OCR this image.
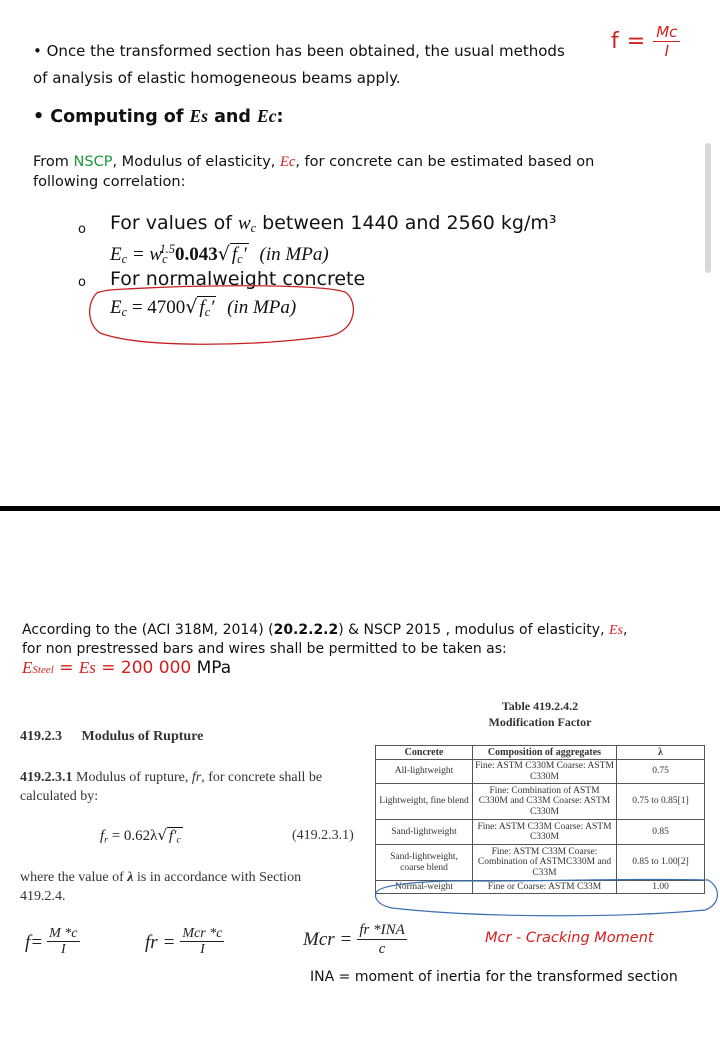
• Once the transformed section has been obtained, the usual methods
of analysis of elastic homogeneous beams apply.
$f = \frac{Mc}{I}$
• Computing of Es and Ec:
From NSCP, Modulus of elasticity, Ec, for concrete can be estimated based on
following correlation:
o For values of $w_c$ between 1440 and 2560 kg/m³
$E_c = w_c^{1.5}0.043√$ $f_c'$ (in MPa)
o For normalweight concrete
$E_c = 4700√$ $f_c'$ (in MPa)
According to the (ACI 318M, 2014) (20.2.2.2) & NSCP 2015 , modulus of elasticity, Es,
for non prestressed bars and wires shall be permitted to be taken as:
ESteel = Es = 200 000 MPa
419.2.3 Modulus of Rupture
419.2.3.1 Modulus of rupture, fr, for concrete shall be
calculated by:
$f_r = 0.62\lambda√$ $f'_c$	(419.2.3.1)
where the value of λ is in accordance with Section
419.2.4.
Table 419.2.4.2
Modification Factor
Concrete	Composition of aggregates	λ
All-lightweight	Fine: ASTM C330M Coarse: ASTM C330M	0.75
Lightweight, fine blend	Fine: Combination of ASTM C330M and C33M Coarse: ASTM C330M	0.75 to 0.85[1]
Sand-lightweight	Fine: ASTM C33M Coarse: ASTM C330M	0.85
Sand-lightweight, coarse blend	Fine: ASTM C33M Coarse: Combination of ASTMC330M and C33M	0.85 to 1.00[2]
Normal-weight	Fine or Coarse: ASTM C33M	1.00
$f= \frac{M *c}{I}$	fr = $\frac{\text{Mcr *c}}{I}$	Mcr = $\frac{\text{fr *INA}}{c}$	Mcr - Cracking Moment
INA = moment of inertia for the transformed section
